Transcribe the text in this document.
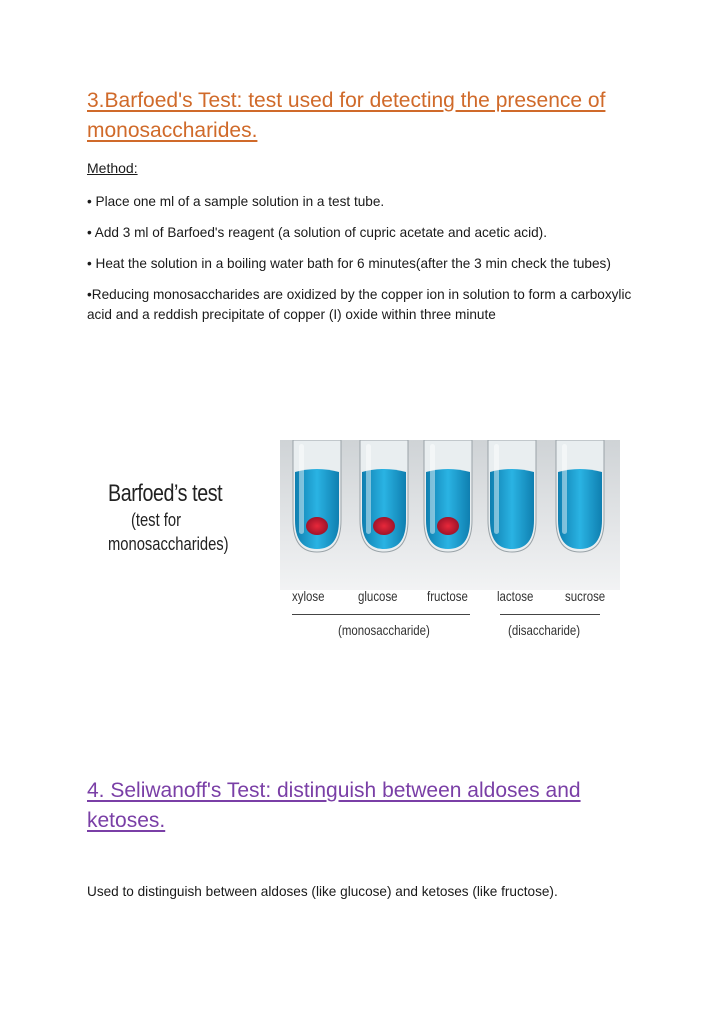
3.Barfoed's Test: test used for detecting the presence of monosaccharides.

Method:

• Place one ml of a sample solution in a test tube.
• Add 3 ml of Barfoed's reagent (a solution of cupric acetate and acetic acid).
• Heat the solution in a boiling water bath for 6 minutes(after the 3 min check the tubes)
•Reducing monosaccharides are oxidized by the copper ion in solution to form a carboxylic acid and a reddish precipitate of copper (I) oxide within three minute
Barfoed’s test
(test for
monosaccharides)
xylose glucose fructose lactose sucrose
(monosaccharide)	(disaccharide)
4. Seliwanoff's Test: distinguish between aldoses and ketoses.

Used to distinguish between aldoses (like glucose) and ketoses (like fructose).
